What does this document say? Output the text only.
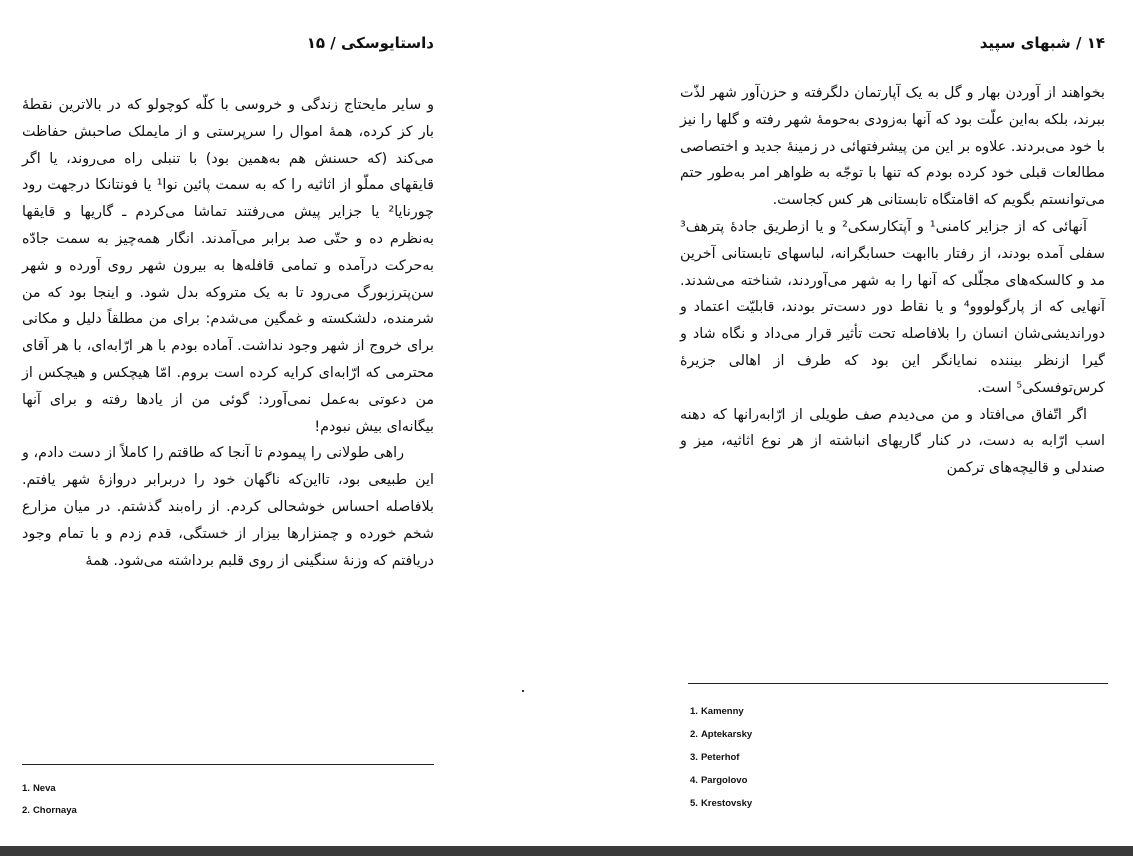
داستایوسکی / ۱۵

و سایر مایحتاج زندگی و خروسی با کلّه کوچولو که در بالاترین نقطهٔ بار کز کرده، همهٔ اموال را سرپرستی و از مایملک صاحبش حفاظت می‌کند (که حسنش هم به‌همین بود) با تنبلی راه می‌روند، یا اگر قایقهای مملّو از اثاثیه را که به سمت پائین نوا¹ یا فونتانکا درجهت رود چورنایا² یا جزایر پیش می‌رفتند تماشا می‌کردم ـ گاریها و قایقها به‌نظرم ده و حتّی صد برابر می‌آمدند. انگار همه‌چیز به سمت جادّه به‌حرکت درآمده و تمامی قافله‌ها به بیرون شهر روی آورده و شهر سن‌پترزبورگ می‌رود تا به یک متروکه بدل شود. و اینجا بود که من شرمنده، دلشکسته و غمگین می‌شدم: برای من مطلقاً دلیل و مکانی برای خروج از شهر وجود نداشت. آماده بودم با هر ارّابه‌ای، با هر آقای محترمی که ارّابه‌ای کرایه کرده است بروم. امّا هیچکس و هیچکس از من دعوتی به‌عمل نمی‌آورد: گوئی من از یادها رفته و برای آنها بیگانه‌ای بیش نبودم!

راهی طولانی را پیمودم تا آنجا که طاقتم را کاملاً از دست دادم، و این طبیعی بود، تااین‌که ناگهان خود را دربرابر دروازهٔ شهر یافتم. بلافاصله احساس خوشحالی کردم. از راه‌بند گذشتم. در میان مزارع شخم خورده و چمنزارها بیزار از خستگی، قدم زدم و با تمام وجود دریافتم که وزنهٔ سنگینی از روی قلبم برداشته می‌شود. همهٔ

1. Neva
2. Chornaya
۱۴ / شبهای سپید

بخواهند از آوردن بهار و گل به یک آپارتمان دلگرفته و حزن‌آور شهر لذّت ببرند، بلکه به‌این علّت بود که آنها به‌زودی به‌حومهٔ شهر رفته و گلها را نیز با خود می‌بردند. علاوه بر این من پیشرفتهائی در زمینهٔ جدید و اختصاصی مطالعات قبلی خود کرده بودم که تنها با توجّه به ظواهر امر به‌طور حتم می‌توانستم بگویم که اقامتگاه تابستانی هر کس کجاست.

آنهائی که از جزایر کامنی¹ و آپتکارسکی² و یا ازطریق جادهٔ پترهف³ سفلی آمده بودند، از رفتار باابهت حسابگرانه، لباسهای تابستانی آخرین مد و کالسکه‌های مجلّلی که آنها را به شهر می‌آوردند، شناخته می‌شدند. آنهایی که از پارگولووو⁴ و یا نقاط دور دست‌تر بودند، قابلیّت اعتماد و دوراندیشی‌شان انسان را بلافاصله تحت تأثیر قرار می‌داد و نگاه شاد و گیرا ازنظر بیننده نمایانگر این بود که طرف از اهالی جزیرهٔ کرس‌توفسکی⁵ است.

اگر اتّفاق می‌افتاد و من می‌دیدم صف طویلی از ارّابه‌رانها که دهنه اسب ارّابه به دست، در کنار گاریهای انباشته از هر نوع اثاثیه، میز و صندلی و قالیچه‌های ترکمن

1. Kamenny
2. Aptekarsky
3. Peterhof
4. Pargolovo
5. Krestovsky
